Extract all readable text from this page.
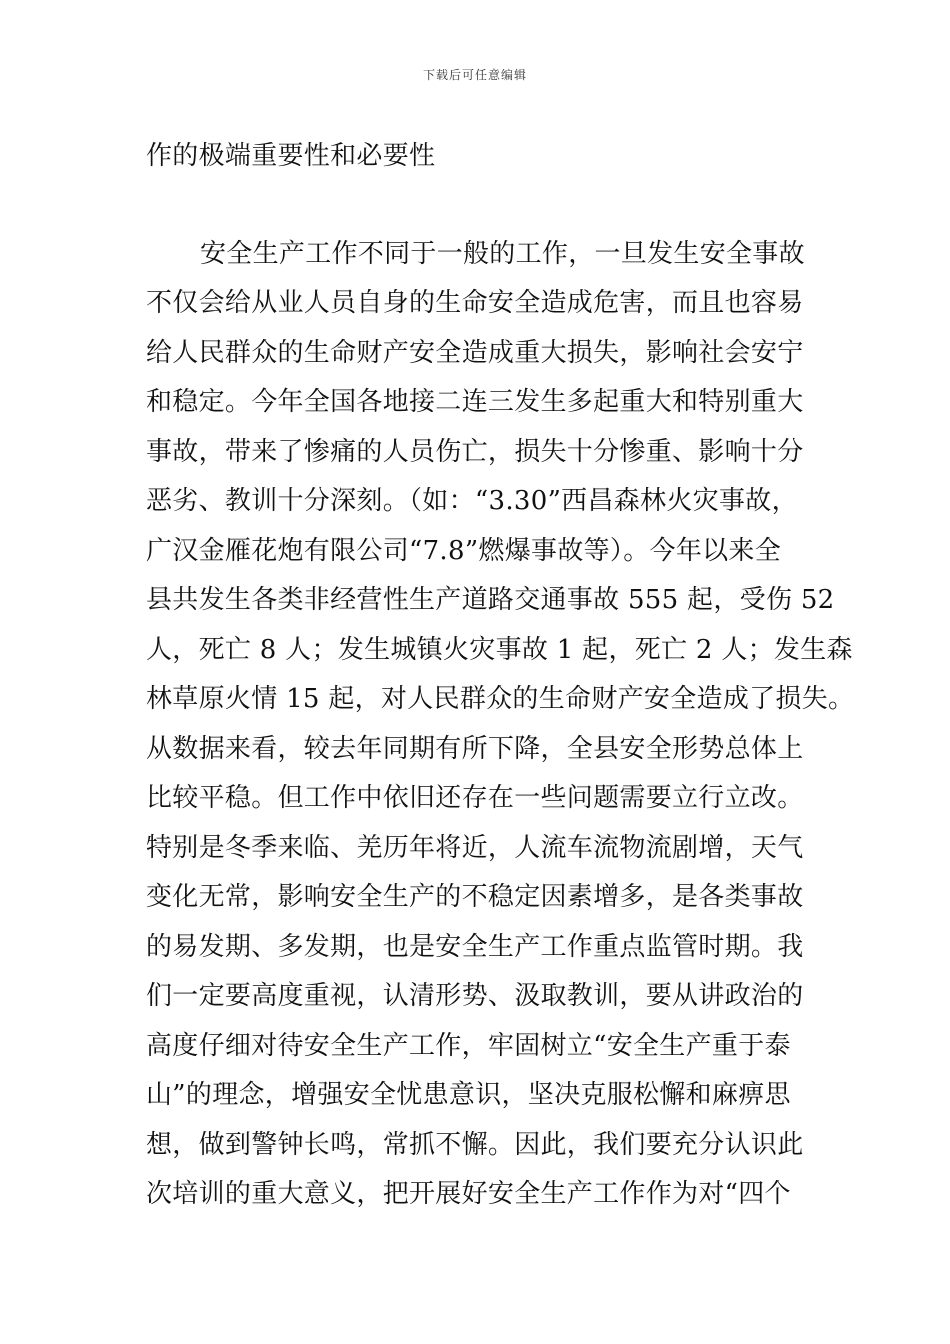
下载后可任意编辑
作的极端重要性和必要性
安全生产工作不同于一般的工作，一旦发生安全事故
不仅会给从业人员自身的生命安全造成危害，而且也容易
给人民群众的生命财产安全造成重大损失，影响社会安宁
和稳定。今年全国各地接二连三发生多起重大和特别重大
事故，带来了惨痛的人员伤亡，损失十分惨重、影响十分
恶劣、教训十分深刻。（如：“3.30”西昌森林火灾事故，
广汉金雁花炮有限公司“7.8”燃爆事故等）。今年以来全
县共发生各类非经营性生产道路交通事故 555 起，受伤 52
人，死亡 8 人；发生城镇火灾事故 1 起，死亡 2 人；发生森
林草原火情 15 起，对人民群众的生命财产安全造成了损失。
从数据来看，较去年同期有所下降，全县安全形势总体上
比较平稳。但工作中依旧还存在一些问题需要立行立改。
特别是冬季来临、羌历年将近，人流车流物流剧增，天气
变化无常，影响安全生产的不稳定因素增多，是各类事故
的易发期、多发期，也是安全生产工作重点监管时期。我
们一定要高度重视，认清形势、汲取教训，要从讲政治的
高度仔细对待安全生产工作，牢固树立“安全生产重于泰
山”的理念，增强安全忧患意识，坚决克服松懈和麻痹思
想，做到警钟长鸣，常抓不懈。因此，我们要充分认识此
次培训的重大意义，把开展好安全生产工作作为对“四个
